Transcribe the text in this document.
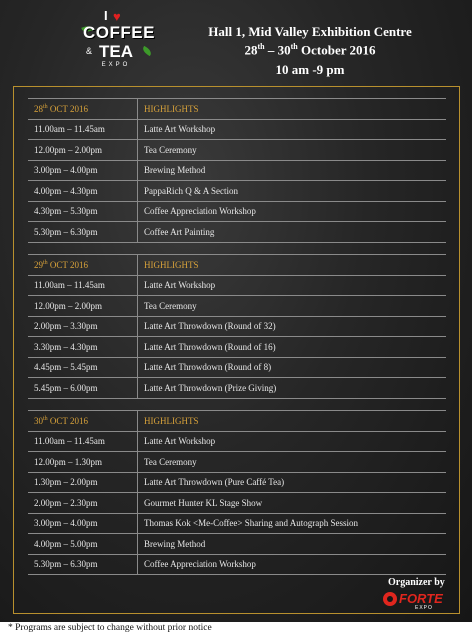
I ♥
COFFEE
& TEA
EXPO
Hall 1, Mid Valley Exhibition Centre
28th – 30th October 2016
10 am -9 pm
28th OCT 2016	HIGHLIGHTS
11.00am – 11.45am	Latte Art Workshop
12.00pm – 2.00pm	Tea Ceremony
3.00pm – 4.00pm	Brewing Method
4.00pm – 4.30pm	PappaRich Q & A Section
4.30pm – 5.30pm	Coffee Appreciation Workshop
5.30pm – 6.30pm	Coffee Art Painting
29th OCT 2016	HIGHLIGHTS
11.00am – 11.45am	Latte Art Workshop
12.00pm – 2.00pm	Tea Ceremony
2.00pm – 3.30pm	Latte Art Throwdown (Round of 32)
3.30pm – 4.30pm	Latte Art Throwdown (Round of 16)
4.45pm – 5.45pm	Latte Art Throwdown (Round of 8)
5.45pm – 6.00pm	Latte Art Throwdown (Prize Giving)
30th OCT 2016	HIGHLIGHTS
11.00am – 11.45am	Latte Art Workshop
12.00pm – 1.30pm	Tea Ceremony
1.30pm – 2.00pm	Latte Art Throwdown (Pure Caffé Tea)
2.00pm – 2.30pm	Gourmet Hunter KL Stage Show
3.00pm – 4.00pm	Thomas Kok <Me-Coffee> Sharing and Autograph Session
4.00pm – 5.00pm	Brewing Method
5.30pm – 6.30pm	Coffee Appreciation Workshop
Organizer by
FORTE
EXPO
* Programs are subject to change without prior notice
